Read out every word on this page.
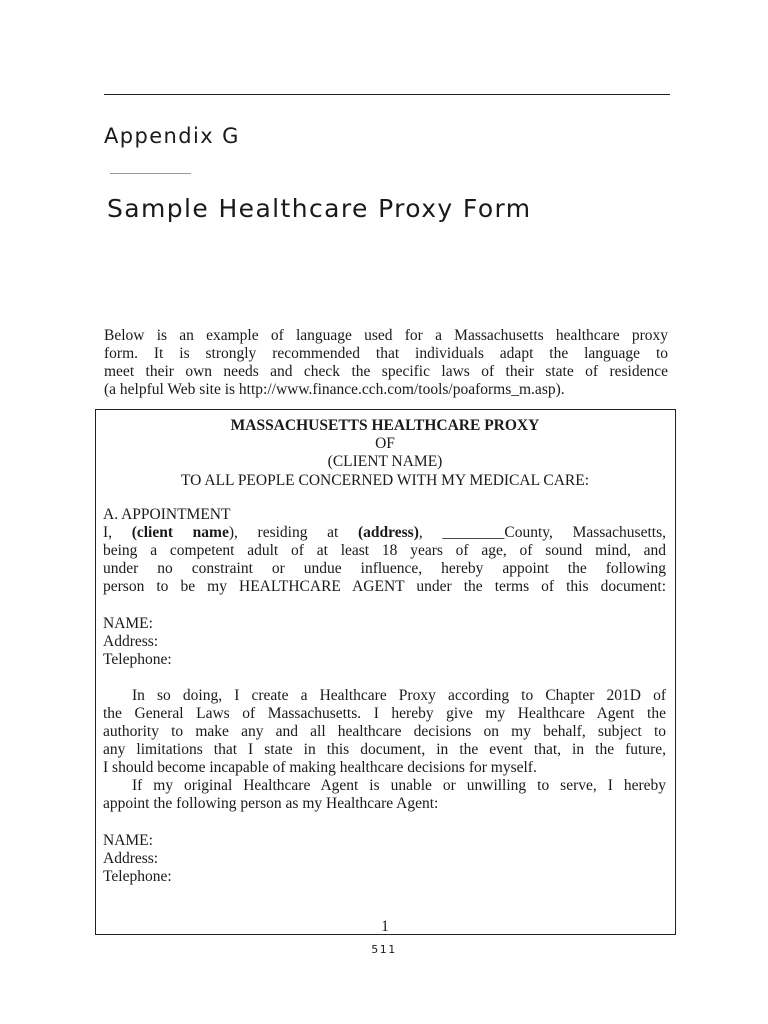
Appendix G
Sample Healthcare Proxy Form
Below is an example of language used for a Massachusetts healthcare proxy
form. It is strongly recommended that individuals adapt the language to
meet their own needs and check the specific laws of their state of residence
(a helpful Web site is http://www.finance.cch.com/tools/poaforms_m.asp).
MASSACHUSETTS HEALTHCARE PROXY
OF
(CLIENT NAME)
TO ALL PEOPLE CONCERNED WITH MY MEDICAL CARE:
A. APPOINTMENT
I, (client name), residing at (address), ________County, Massachusetts,
being a competent adult of at least 18 years of age, of sound mind, and
under no constraint or undue influence, hereby appoint the following
person to be my HEALTHCARE AGENT under the terms of this document:
NAME:
Address:
Telephone:
In so doing, I create a Healthcare Proxy according to Chapter 201D of
the General Laws of Massachusetts. I hereby give my Healthcare Agent the
authority to make any and all healthcare decisions on my behalf, subject to
any limitations that I state in this document, in the event that, in the future,
I should become incapable of making healthcare decisions for myself.
If my original Healthcare Agent is unable or unwilling to serve, I hereby
appoint the following person as my Healthcare Agent:
NAME:
Address:
Telephone:
1
511
